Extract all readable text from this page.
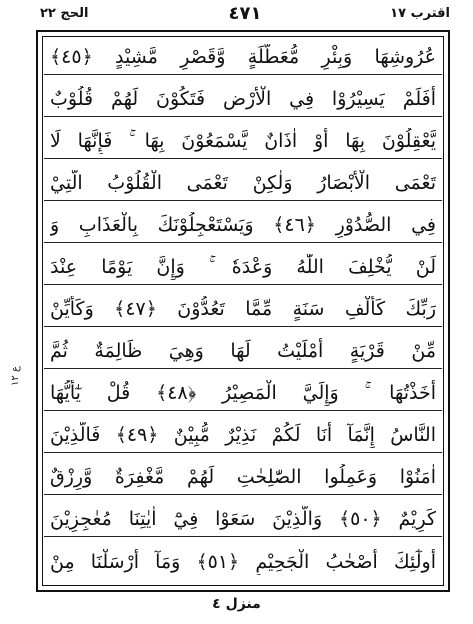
الحج ٢٢	٤٧١	اقترب ١٧
ع ١٢
عُرُوشِهَا وَبِئْرٍ مُّعَطَّلَةٍ وَّقَصْرٍ مَّشِيْدٍ ﴿٤٥﴾
أَفَلَمْ يَسِيْرُوْا فِي الْأَرْضِ فَتَكُوْنَ لَهُمْ قُلُوْبٌ
يَّعْقِلُوْنَ بِهَا أَوْ اٰذَانٌ يَّسْمَعُوْنَ بِهَا ۚ فَإِنَّهَا لَا
تَعْمَى الْأَبْصَارُ وَلٰكِنْ تَعْمَى الْقُلُوْبُ الَّتِيْ
فِي الصُّدُوْرِ ﴿٤٦﴾ وَيَسْتَعْجِلُوْنَكَ بِالْعَذَابِ وَ
لَنْ يُّخْلِفَ اللّٰهُ وَعْدَهٗ ۚ وَإِنَّ يَوْمًا عِنْدَ
رَبِّكَ كَأَلْفِ سَنَةٍ مِّمَّا تَعُدُّوْنَ ﴿٤٧﴾ وَكَأَيِّنْ
مِّنْ قَرْيَةٍ أَمْلَيْتُ لَهَا وَهِيَ ظَالِمَةٌ ثُمَّ
أَخَذْتُهَا ۚ وَإِلَيَّ الْمَصِيْرُ ﴿٤٨﴾ قُلْ يٰٓأَيُّهَا
النَّاسُ إِنَّمَآ أَنَا لَكُمْ نَذِيْرٌ مُّبِيْنٌ ﴿٤٩﴾ فَالَّذِيْنَ
اٰمَنُوْا وَعَمِلُوا الصّٰلِحٰتِ لَهُمْ مَّغْفِرَةٌ وَّرِزْقٌ
كَرِيْمٌ ﴿٥٠﴾ وَالَّذِيْنَ سَعَوْا فِيْٓ اٰيٰتِنَا مُعٰجِزِيْنَ
أُولٰٓئِكَ أَصْحٰبُ الْجَحِيْمِ ﴿٥١﴾ وَمَآ أَرْسَلْنَا مِنْ
منزل ٤
